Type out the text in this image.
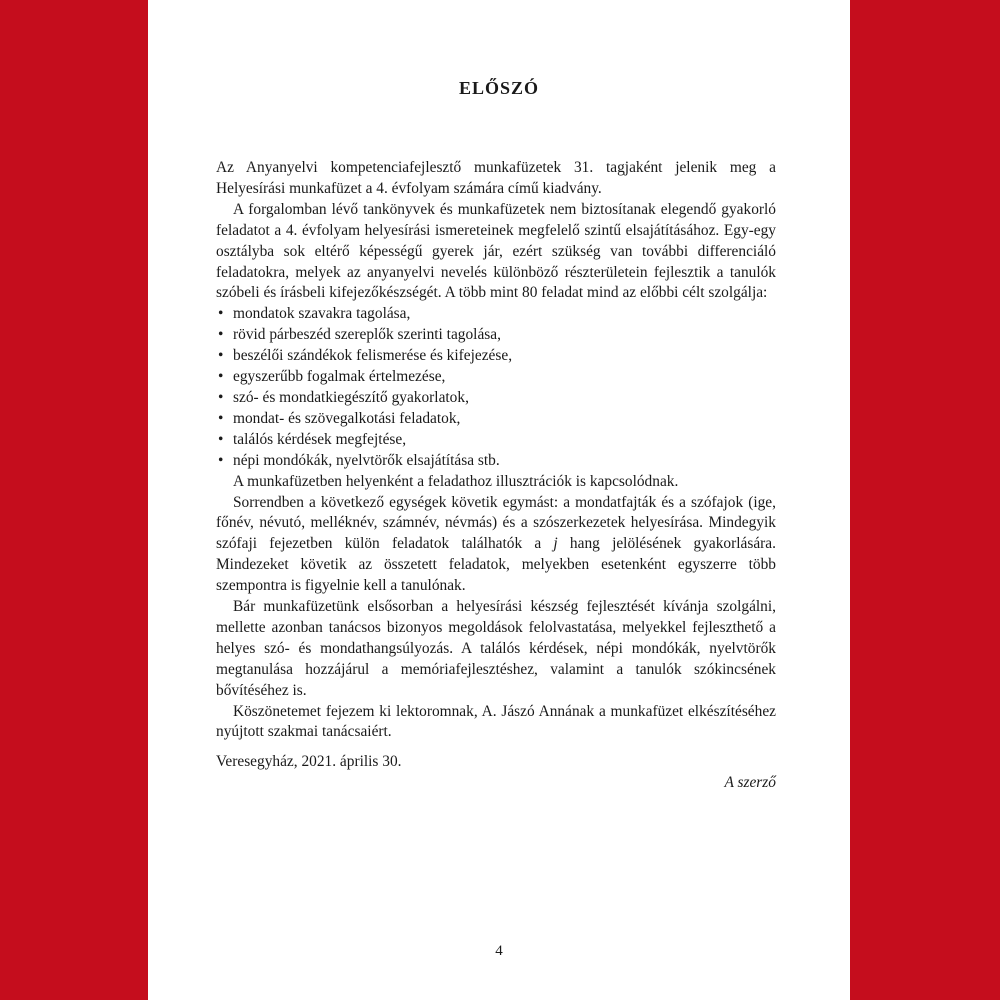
ELŐSZÓ

Az Anyanyelvi kompetenciafejlesztő munkafüzetek 31. tagjaként jelenik meg a Helyesírási munkafüzet a 4. évfolyam számára című kiadvány.

A forgalomban lévő tankönyvek és munkafüzetek nem biztosítanak elegendő gyakorló feladatot a 4. évfolyam helyesírási ismereteinek megfelelő szintű elsajátításához. Egy-egy osztályba sok eltérő képességű gyerek jár, ezért szükség van további differenciáló feladatokra, melyek az anyanyelvi nevelés különböző részterületein fejlesztik a tanulók szóbeli és írásbeli kifejezőkészségét. A több mint 80 feladat mind az előbbi célt szolgálja:

• mondatok szavakra tagolása,
• rövid párbeszéd szereplők szerinti tagolása,
• beszélői szándékok felismerése és kifejezése,
• egyszerűbb fogalmak értelmezése,
• szó- és mondatkiegészítő gyakorlatok,
• mondat- és szövegalkotási feladatok,
• találós kérdések megfejtése,
• népi mondókák, nyelvtörők elsajátítása stb.

A munkafüzetben helyenként a feladathoz illusztrációk is kapcsolódnak.

Sorrendben a következő egységek követik egymást: a mondatfajták és a szófajok (ige, főnév, névutó, melléknév, számnév, névmás) és a szószerkezetek helyesírása. Mindegyik szófaji fejezetben külön feladatok találhatók a j hang jelölésének gyakorlására. Mindezeket követik az összetett feladatok, melyekben esetenként egyszerre több szempontra is figyelnie kell a tanulónak.

Bár munkafüzetünk elsősorban a helyesírási készség fejlesztését kívánja szolgálni, mellette azonban tanácsos bizonyos megoldások felolvastatása, melyekkel fejleszthető a helyes szó- és mondathangsúlyozás. A találós kérdések, népi mondókák, nyelvtörők megtanulása hozzájárul a memóriafejlesztéshez, valamint a tanulók szókincsének bővítéséhez is.

Köszönetemet fejezem ki lektoromnak, A. Jászó Annának a munkafüzet elkészítéséhez nyújtott szakmai tanácsaiért.

Veresegyház, 2021. április 30.
A szerző
4
